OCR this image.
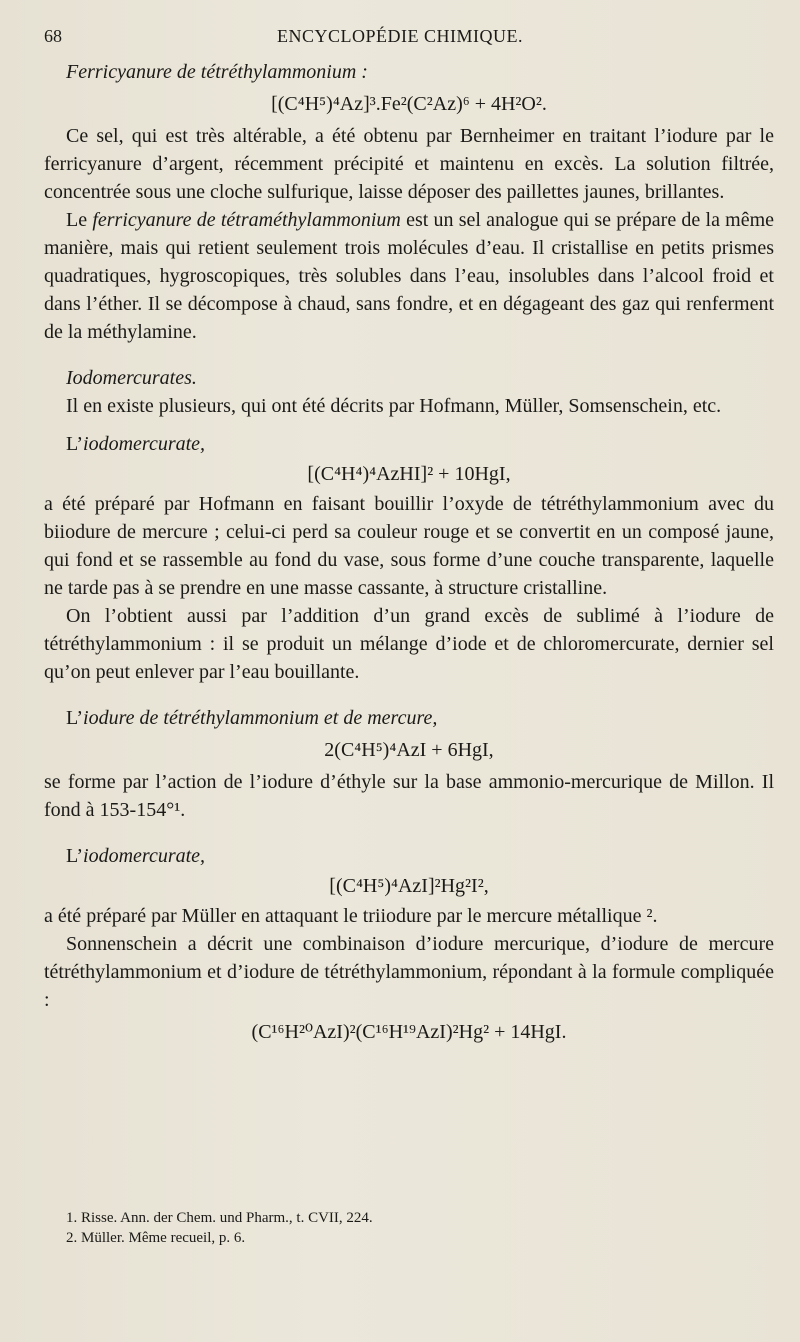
68	ENCYCLOPÉDIE CHIMIQUE.

Ferricyanure de tétréthylammonium :

[(C⁴H⁵)⁴Az]³.Fe²(C²Az)⁶ + 4H²O².

Ce sel, qui est très altérable, a été obtenu par Bernheimer en traitant l’iodure par le ferricyanure d’argent, récemment précipité et maintenu en excès. La solution filtrée, concentrée sous une cloche sulfurique, laisse déposer des paillettes jaunes, brillantes.

Le ferricyanure de tétraméthylammonium est un sel analogue qui se prépare de la même manière, mais qui retient seulement trois molécules d’eau. Il cristallise en petits prismes quadratiques, hygroscopiques, très solubles dans l’eau, insolubles dans l’alcool froid et dans l’éther. Il se décompose à chaud, sans fondre, et en dégageant des gaz qui renferment de la méthylamine.

Iodomercurates.

Il en existe plusieurs, qui ont été décrits par Hofmann, Müller, Somsenschein, etc.

L’iodomercurate,

[(C⁴H⁴)⁴AzHI]² + 10HgI,

a été préparé par Hofmann en faisant bouillir l’oxyde de tétréthylammonium avec du biiodure de mercure ; celui-ci perd sa couleur rouge et se convertit en un composé jaune, qui fond et se rassemble au fond du vase, sous forme d’une couche transparente, laquelle ne tarde pas à se prendre en une masse cassante, à structure cristalline.

On l’obtient aussi par l’addition d’un grand excès de sublimé à l’iodure de tétréthylammonium : il se produit un mélange d’iode et de chloromercurate, dernier sel qu’on peut enlever par l’eau bouillante.

L’iodure de tétréthylammonium et de mercure,

2(C⁴H⁵)⁴AzI + 6HgI,

se forme par l’action de l’iodure d’éthyle sur la base ammonio-mercurique de Millon. Il fond à 153-154°¹.

L’iodomercurate,

[(C⁴H⁵)⁴AzI]²Hg²I²,

a été préparé par Müller en attaquant le triiodure par le mercure métallique ².

Sonnenschein a décrit une combinaison d’iodure mercurique, d’iodure de mercure tétréthylammonium et d’iodure de tétréthylammonium, répondant à la formule compliquée :

(C¹⁶H²⁰AzI)²(C¹⁶H¹⁹AzI)²Hg² + 14HgI.

1. Risse. Ann. der Chem. und Pharm., t. CVII, 224.

2. Müller. Même recueil, p. 6.
